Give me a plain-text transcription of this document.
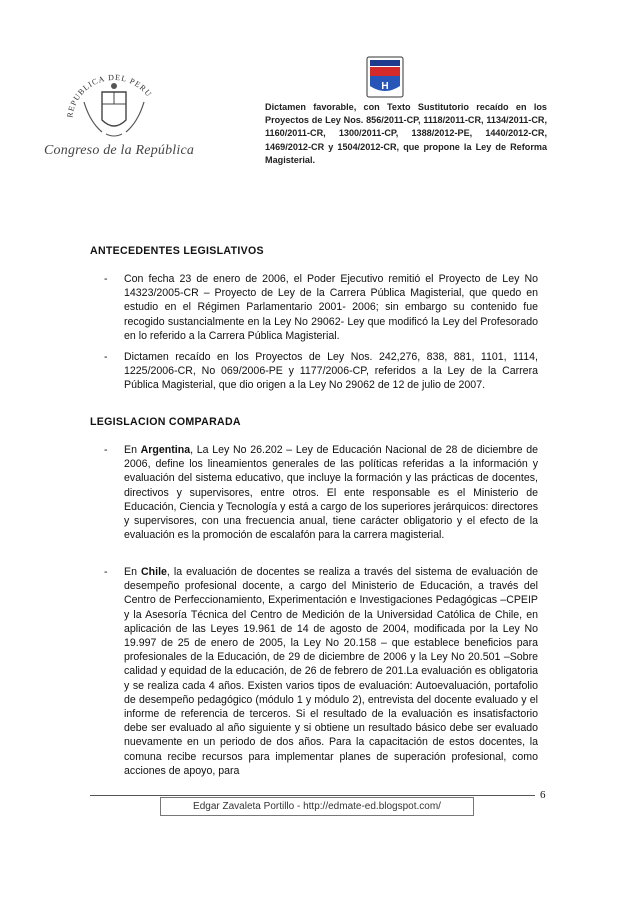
REPUBLICA DEL PERU
Congreso de la República
H
Dictamen favorable, con Texto Sustitutorio recaído en los Proyectos de Ley Nos. 856/2011-CP, 1118/2011-CR, 1134/2011-CR, 1160/2011-CR, 1300/2011-CP, 1388/2012-PE, 1440/2012-CR, 1469/2012-CR y 1504/2012-CR, que propone la Ley de Reforma Magisterial.
ANTECEDENTES LEGISLATIVOS
- Con fecha 23 de enero de 2006, el Poder Ejecutivo remitió el Proyecto de Ley No 14323/2005-CR – Proyecto de Ley de la Carrera Pública Magisterial, que quedo en estudio en el Régimen Parlamentario 2001- 2006; sin embargo su contenido fue recogido sustancialmente en la Ley No 29062- Ley que modificó la Ley del Profesorado en lo referido a la Carrera Pública Magisterial.
- Dictamen recaído en los Proyectos de Ley Nos. 242,276, 838, 881, 1101, 1114, 1225/2006-CR, No 069/2006-PE y 1177/2006-CP, referidos a la Ley de la Carrera Pública Magisterial, que dio origen a la Ley No 29062 de 12 de julio de 2007.
LEGISLACION COMPARADA
- En Argentina, La Ley No 26.202 – Ley de Educación Nacional de 28 de diciembre de 2006, define los lineamientos generales de las políticas referidas a la información y evaluación del sistema educativo, que incluye la formación y las prácticas de docentes, directivos y supervisores, entre otros. El ente responsable es el Ministerio de Educación, Ciencia y Tecnología y está a cargo de los superiores jerárquicos: directores y supervisores, con una frecuencia anual, tiene carácter obligatorio y el efecto de la evaluación es la promoción de escalafón para la carrera magisterial.
- En Chile, la evaluación de docentes se realiza a través del sistema de evaluación de desempeño profesional docente, a cargo del Ministerio de Educación, a través del Centro de Perfeccionamiento, Experimentación e Investigaciones Pedagógicas –CPEIP y la Asesoría Técnica del Centro de Medición de la Universidad Católica de Chile, en aplicación de las Leyes 19.961 de 14 de agosto de 2004, modificada por la Ley No 19.997 de 25 de enero de 2005, la Ley No 20.158 – que establece beneficios para profesionales de la Educación, de 29 de diciembre de 2006 y la Ley No 20.501 –Sobre calidad y equidad de la educación, de 26 de febrero de 201.La evaluación es obligatoria y se realiza cada 4 años. Existen varios tipos de evaluación: Autoevaluación, portafolio de desempeño pedagógico (módulo 1 y módulo 2), entrevista del docente evaluado y el informe de referencia de terceros. Si el resultado de la evaluación es insatisfactorio debe ser evaluado al año siguiente y si obtiene un resultado básico debe ser evaluado nuevamente en un periodo de dos años. Para la capacitación de estos docentes, la comuna recibe recursos para implementar planes de superación profesional, como acciones de apoyo, para
6
Edgar Zavaleta Portillo - http://edmate-ed.blogspot.com/
